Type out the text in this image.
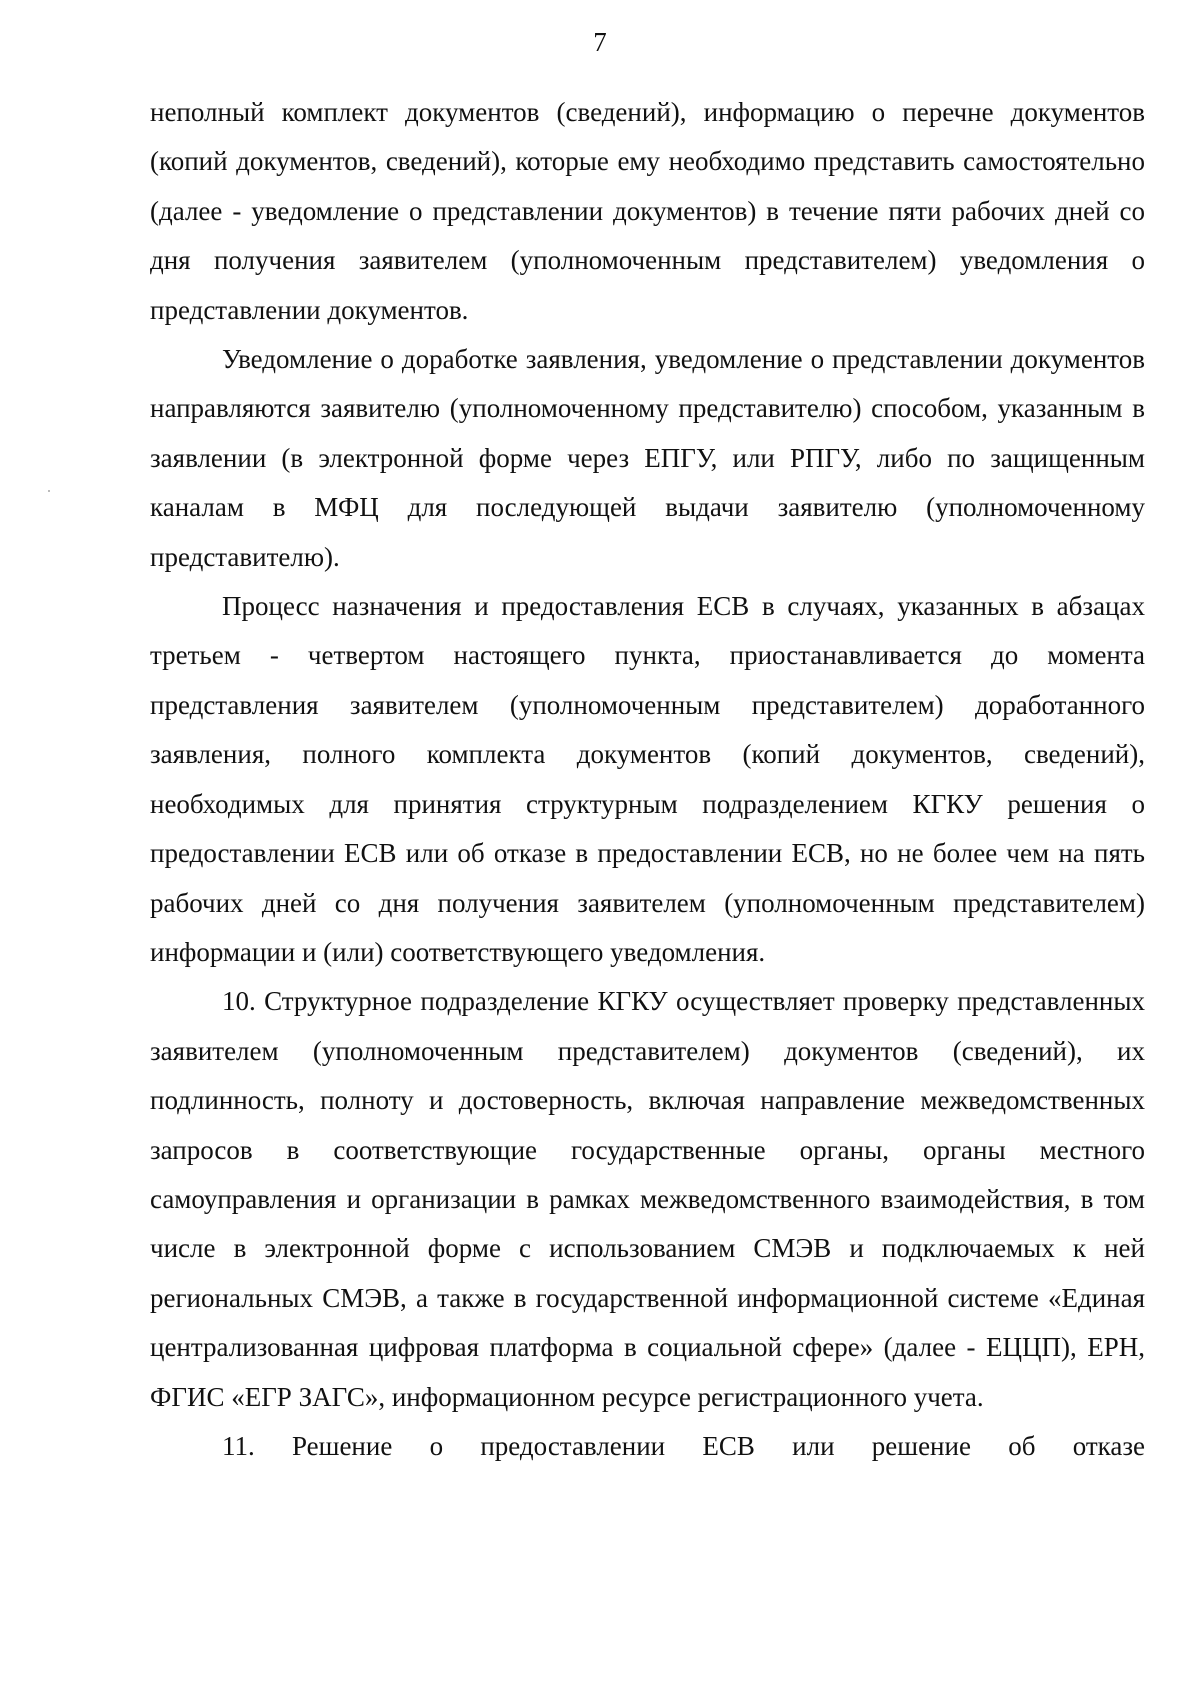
7

неполный комплект документов (сведений), информацию о перечне документов (копий документов, сведений), которые ему необходимо представить самостоятельно (далее - уведомление о представлении документов) в течение пяти рабочих дней со дня получения заявителем (уполномоченным представителем) уведомления о представлении документов.

Уведомление о доработке заявления, уведомление о представлении документов направляются заявителю (уполномоченному представителю) способом, указанным в заявлении (в электронной форме через ЕПГУ, или РПГУ, либо по защищенным каналам в МФЦ для последующей выдачи заявителю (уполномоченному представителю).

Процесс назначения и предоставления ЕСВ в случаях, указанных в абзацах третьем - четвертом настоящего пункта, приостанавливается до момента представления заявителем (уполномоченным представителем) доработанного заявления, полного комплекта документов (копий документов, сведений), необходимых для принятия структурным подразделением КГКУ решения о предоставлении ЕСВ или об отказе в предоставлении ЕСВ, но не более чем на пять рабочих дней со дня получения заявителем (уполномоченным представителем) информации и (или) соответствующего уведомления.

10. Структурное подразделение КГКУ осуществляет проверку представленных заявителем (уполномоченным представителем) документов (сведений), их подлинность, полноту и достоверность, включая направление межведомственных запросов в соответствующие государственные органы, органы местного самоуправления и организации в рамках межведомственного взаимодействия, в том числе в электронной форме с использованием СМЭВ и подключаемых к ней региональных СМЭВ, а также в государственной информационной системе «Единая централизованная цифровая платформа в социальной сфере» (далее - ЕЦЦП), ЕРН, ФГИС «ЕГР ЗАГС», информационном ресурсе регистрационного учета.

11. Решение о предоставлении ЕСВ или решение об отказе
